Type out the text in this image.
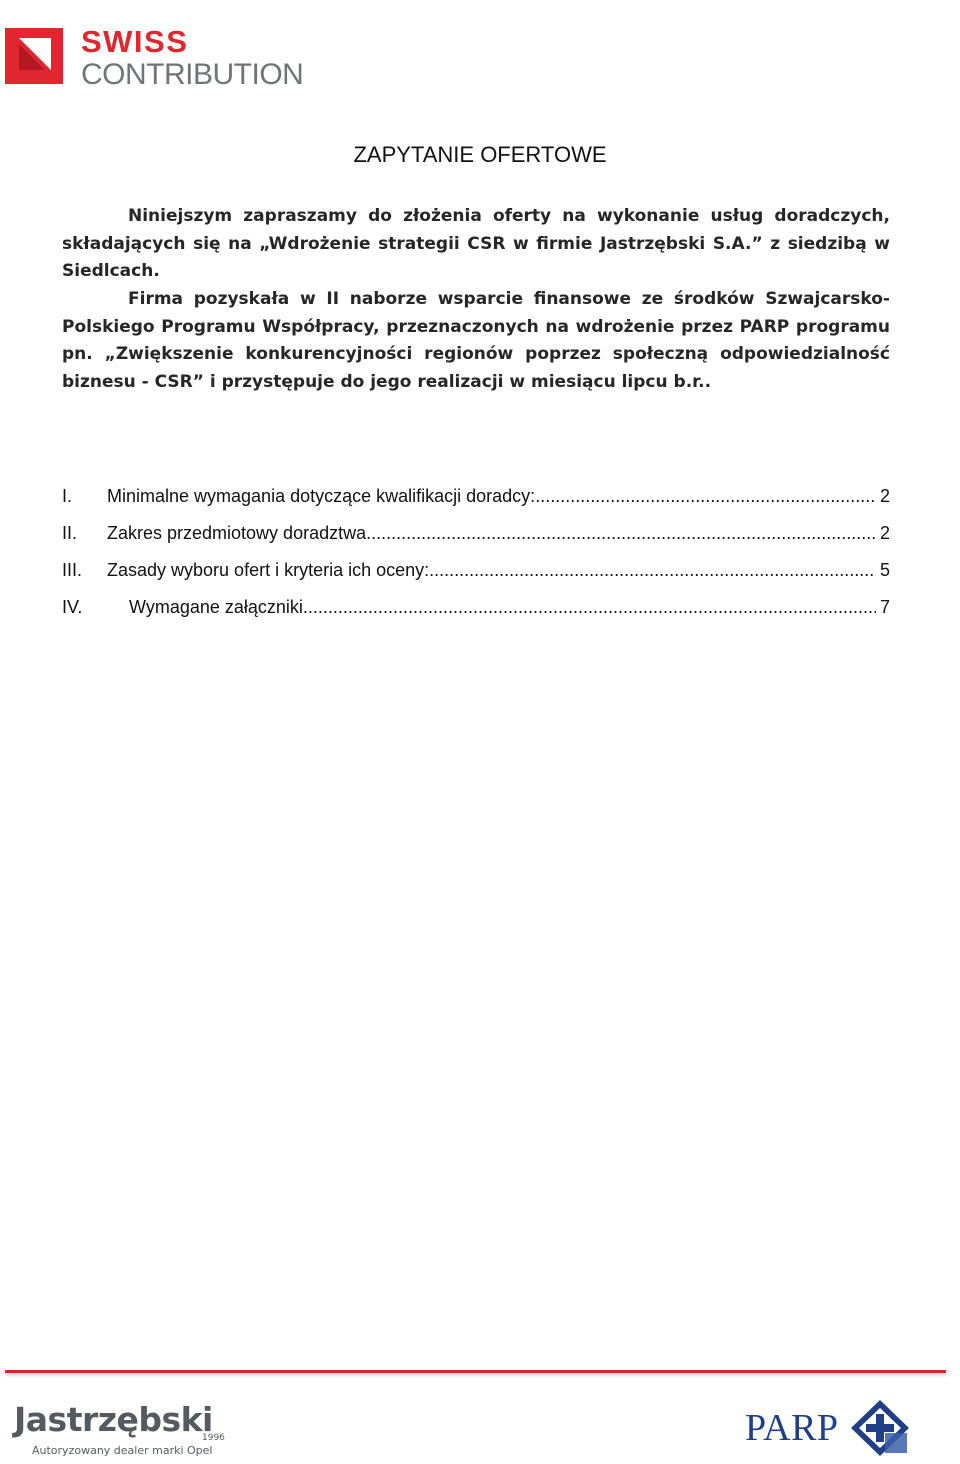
SWISS
CONTRIBUTION
ZAPYTANIE OFERTOWE

Niniejszym zapraszamy do złożenia oferty na wykonanie usług doradczych, składających się na „Wdrożenie strategii CSR w firmie Jastrzębski S.A.” z siedzibą w Siedlcach.

Firma pozyskała w II naborze wsparcie finansowe ze środków Szwajcarsko-Polskiego Programu Współpracy, przeznaczonych na wdrożenie przez PARP programu pn. „Zwiększenie konkurencyjności regionów poprzez społeczną odpowiedzialność biznesu - CSR” i przystępuje do jego realizacji w miesiącu lipcu b.r..

I.	Minimalne wymagania dotyczące kwalifikacji doradcy: .....	2
II.	Zakres przedmiotowy doradztwa .....	2
III.	Zasady wyboru ofert i kryteria ich oceny: .....	5
IV.	Wymagane załączniki .....	7
Jastrzębski
1996
Autoryzowany dealer marki Opel
PARP
